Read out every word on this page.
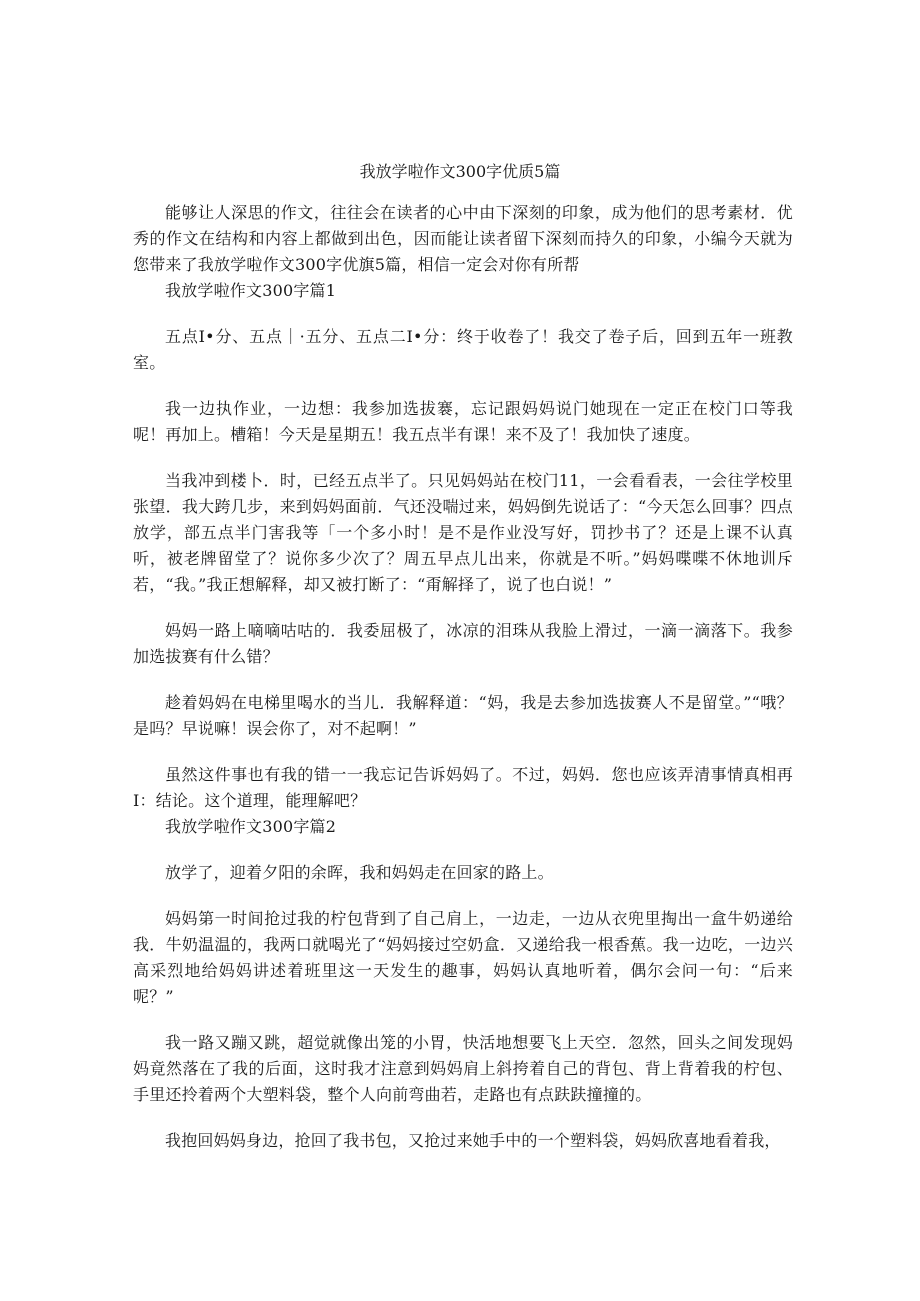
我放学啦作文300字优质5篇

能够让人深思的作文，往往会在读者的心中由下深刻的印象，成为他们的思考素材．优秀的作文在结构和内容上都做到出色，因而能让读者留下深刻而持久的印象，小编今天就为您带来了我放学啦作文300字优旗5篇，相信一定会对你有所帮

我放学啦作文300字篇1

五点I•分、五点｜·五分、五点二I•分：终于收卷了！我交了卷子后，回到五年一班教室。

我一边执作业，一边想：我参加选拔褰，忘记跟妈妈说门她现在一定正在校门口等我呢！再加上。槽箱！今天是星期五！我五点半有课！来不及了！我加快了速度。

当我冲到楼卜．时，已经五点半了。只见妈妈站在校门11，一会看看表，一会往学校里张望．我大跨几步，来到妈妈面前．气还没喘过来，妈妈倒先说话了：“今天怎么回事？四点放学，部五点半门害我等「一个多小时！是不是作业没写好，罚抄书了？还是上课不认真听，被老牌留堂了？说你多少次了？周五早点儿出来，你就是不听。”妈妈喋喋不休地训斥若，“我。”我正想解释，却又被打断了：“甭解择了，说了也白说！”

妈妈一路上嘀嘀咕咕的．我委屈极了，冰凉的泪珠从我脸上滑过，一滴一滴落下。我参加选拔赛有什么错？

趁着妈妈在电梯里喝水的当儿．我解释道：“妈，我是去参加选拔赛人不是留堂。”“哦？是吗？早说嘛！误会你了，对不起啊！”

虽然这件事也有我的错一一我忘记告诉妈妈了。不过，妈妈．您也应该弄清事情真相再I：结论。这个道理，能理解吧？

我放学啦作文300字篇2

放学了，迎着夕阳的余晖，我和妈妈走在回家的路上。

妈妈第一时间抢过我的柠包背到了自己肩上，一边走，一边从衣兜里掏出一盒牛奶递给我．牛奶温温的，我两口就喝光了“妈妈接过空奶盒．又递给我一根香蕉。我一边吃，一边兴高采烈地给妈妈讲述着班里这一天发生的趣事，妈妈认真地听着，偶尔会问一句：“后来呢？”

我一路又蹦又跳，超觉就像出笼的小胃，快活地想要飞上天空．忽然，回头之间发现妈妈竟然落在了我的后面，这时我才注意到妈妈肩上斜挎着自己的背包、背上背着我的柠包、手里还拎着两个大塑料袋，整个人向前弯曲若，走路也有点趺趺撞撞的。

我抱回妈妈身边，抢回了我书包，又抢过来她手中的一个塑料袋，妈妈欣喜地看着我，
